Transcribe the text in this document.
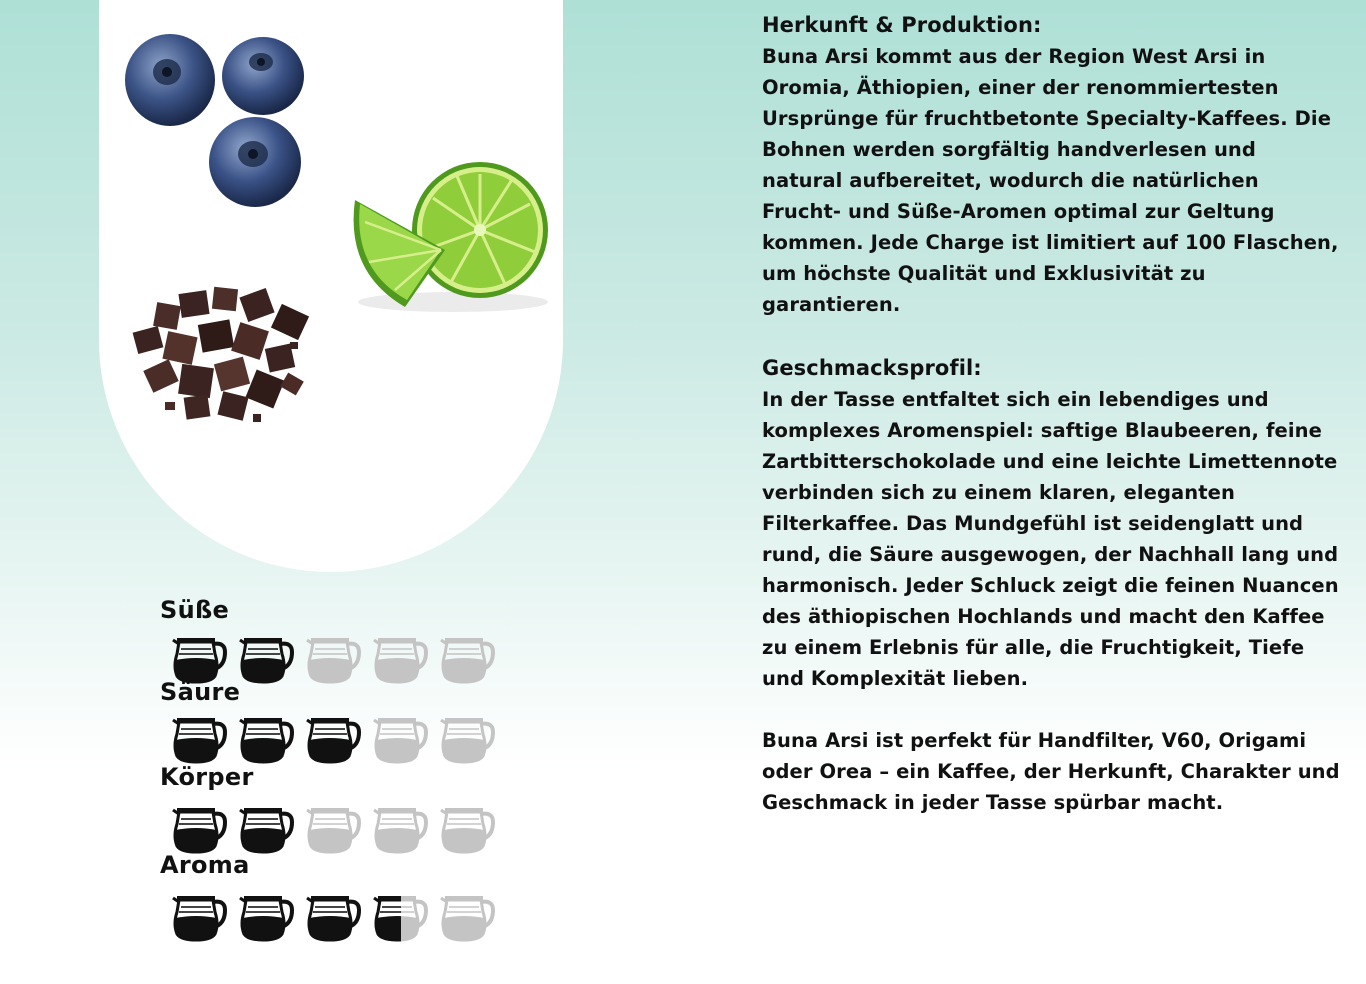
Süße
Säure
Körper
Aroma
Herkunft & Produktion:

Buna Arsi kommt aus der Region West Arsi in Oromia, Äthiopien, einer der renommiertesten Ursprünge für fruchtbetonte Specialty-Kaffees. Die Bohnen werden sorgfältig handverlesen und natural aufbereitet, wodurch die natürlichen Frucht- und Süße-Aromen optimal zur Geltung kommen. Jede Charge ist limitiert auf 100 Flaschen, um höchste Qualität und Exklusivität zu garantieren.

Geschmacksprofil:

In der Tasse entfaltet sich ein lebendiges und komplexes Aromenspiel: saftige Blaubeeren, feine Zartbitterschokolade und eine leichte Limettennote verbinden sich zu einem klaren, eleganten Filterkaffee. Das Mundgefühl ist seidenglatt und rund, die Säure ausgewogen, der Nachhall lang und harmonisch. Jeder Schluck zeigt die feinen Nuancen des äthiopischen Hochlands und macht den Kaffee zu einem Erlebnis für alle, die Fruchtigkeit, Tiefe und Komplexität lieben.

Buna Arsi ist perfekt für Handfilter, V60, Origami oder Orea – ein Kaffee, der Herkunft, Charakter und Geschmack in jeder Tasse spürbar macht.
